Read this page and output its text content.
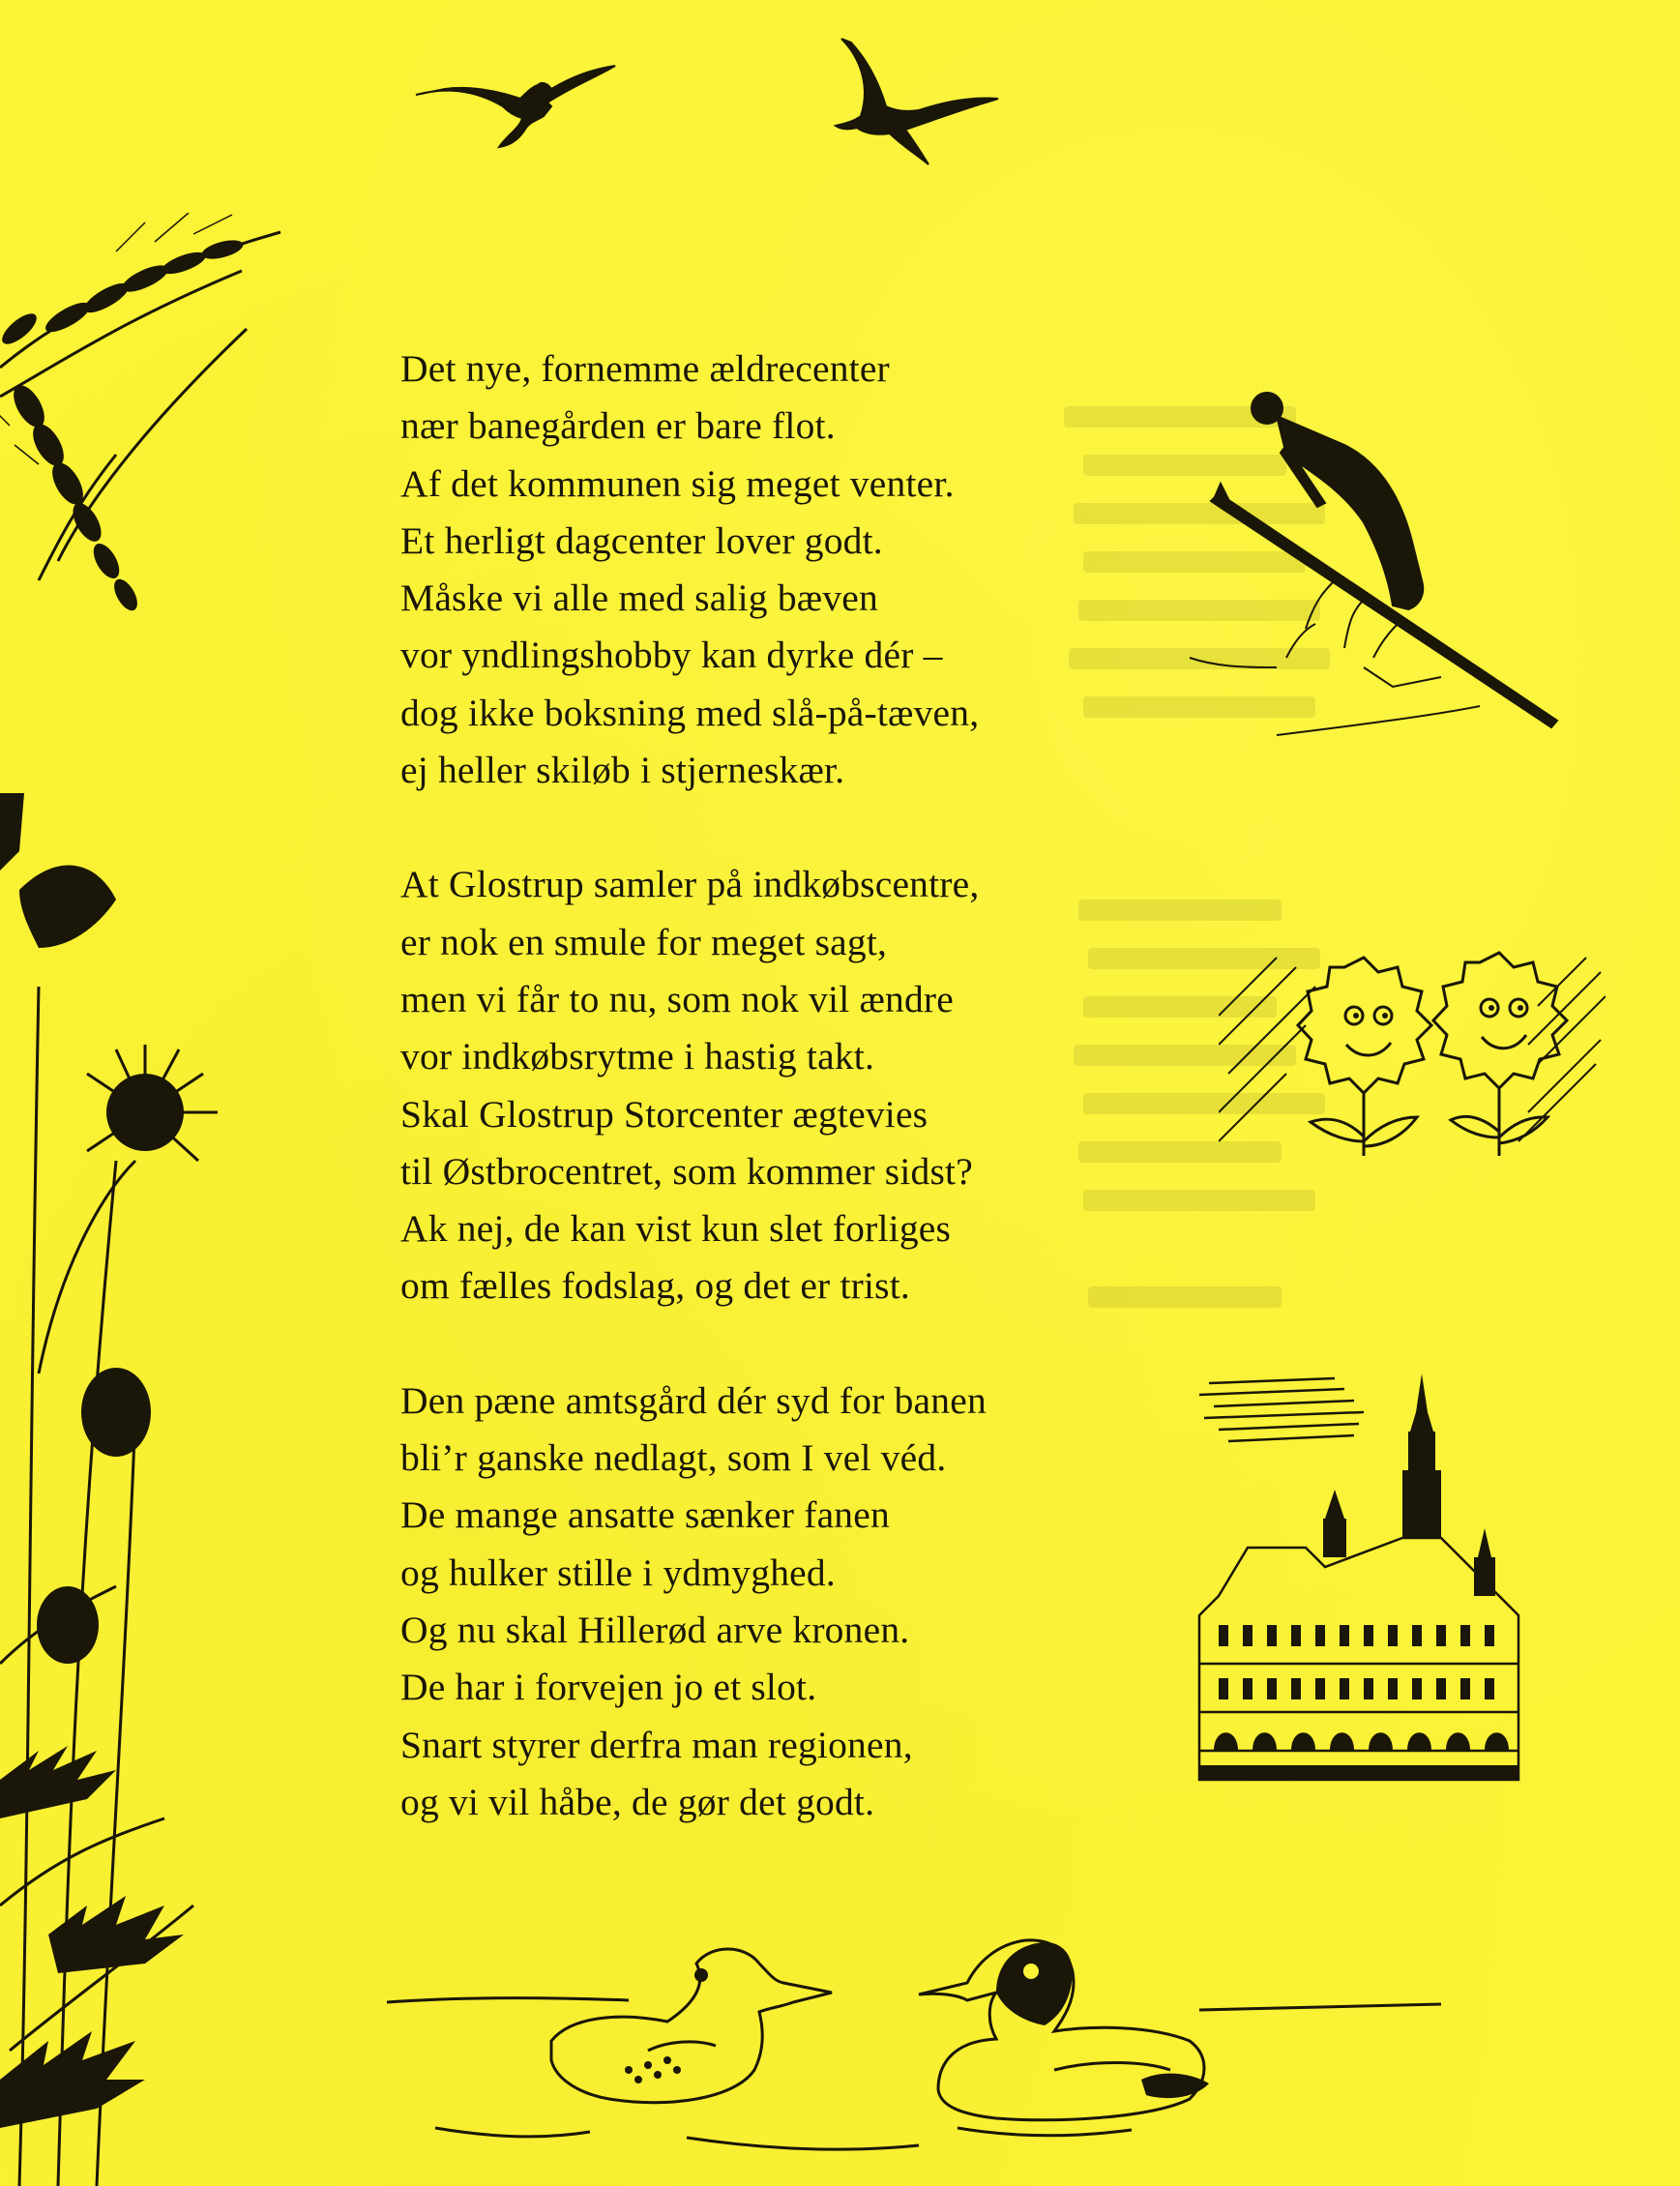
Det nye, fornemme ældrecenter
nær banegården er bare flot.
Af det kommunen sig meget venter.
Et herligt dagcenter lover godt.
Måske vi alle med salig bæven
vor yndlingshobby kan dyrke dér –
dog ikke boksning med slå-på-tæven,
ej heller skiløb i stjerneskær.
At Glostrup samler på indkøbscentre,
er nok en smule for meget sagt,
men vi får to nu, som nok vil ændre
vor indkøbsrytme i hastig takt.
Skal Glostrup Storcenter ægtevies
til Østbrocentret, som kommer sidst?
Ak nej, de kan vist kun slet forliges
om fælles fodslag, og det er trist.
Den pæne amtsgård dér syd for banen
bli’r ganske nedlagt, som I vel véd.
De mange ansatte sænker fanen
og hulker stille i ydmyghed.
Og nu skal Hillerød arve kronen.
De har i forvejen jo et slot.
Snart styrer derfra man regionen,
og vi vil håbe, de gør det godt.
